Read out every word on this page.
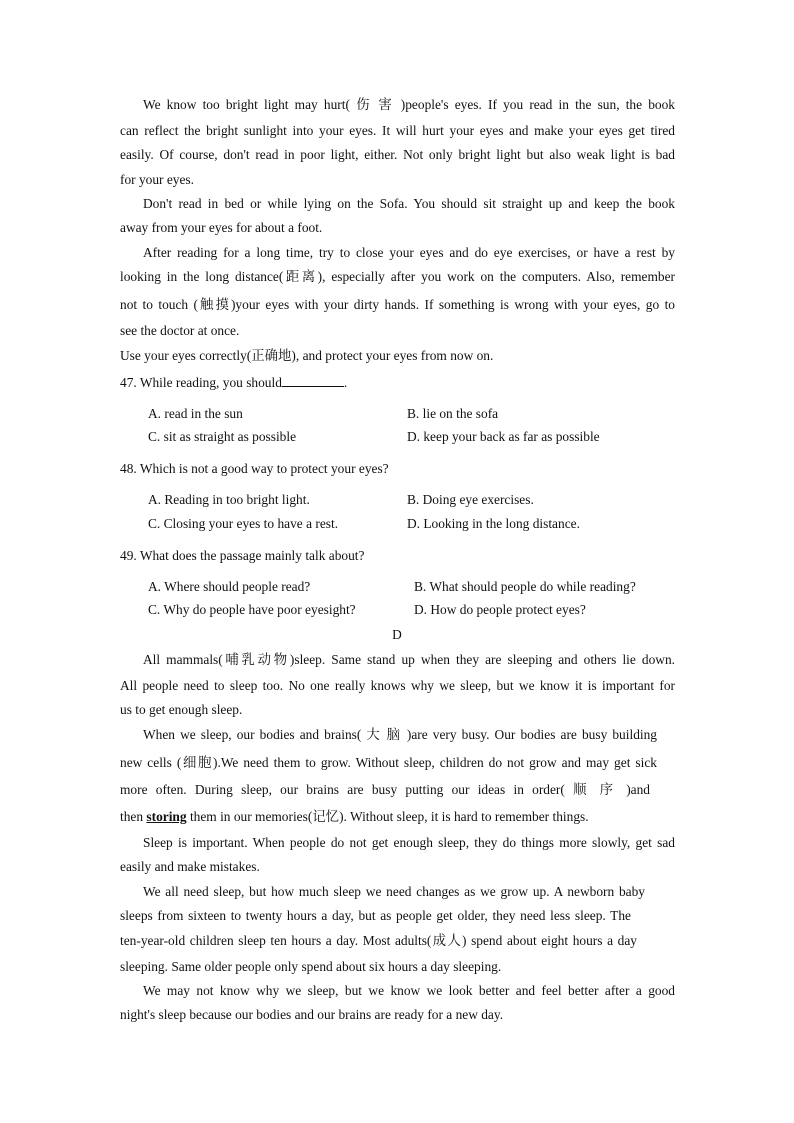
We know too bright light may hurt( 伤 害 )people's eyes. If you read in the sun, the book
can reflect the bright sunlight into your eyes. It will hurt your eyes and make your eyes get tired
easily. Of course, don't read in poor light, either. Not only bright light but also weak light is bad
for your eyes.
Don't read in bed or while lying on the Sofa. You should sit straight up and keep the book
away from your eyes for about a foot.
After reading for a long time, try to close your eyes and do eye exercises, or have a rest by
looking in the long distance(距离), especially after you work on the computers. Also, remember
not to touch (触摸)your eyes with your dirty hands. If something is wrong with your eyes, go to
see the doctor at once.
Use your eyes correctly(正确地), and protect your eyes from now on.
47. While reading, you should	.
A. read in the sun	B. lie on the sofa
C. sit as straight as possible	D. keep your back as far as possible
48. Which is not a good way to protect your eyes?
A. Reading in too bright light.	B. Doing eye exercises.
C. Closing your eyes to have a rest.	D. Looking in the long distance.
49. What does the passage mainly talk about?
A. Where should people read?	B. What should people do while reading?
C. Why do people have poor eyesight?	D. How do people protect eyes?
D
All mammals(哺乳动物)sleep. Same stand up when they are sleeping and others lie down.
All people need to sleep too. No one really knows why we sleep, but we know it is important for
us to get enough sleep.
When we sleep, our bodies and brains( 大 脑 )are very busy. Our bodies are busy building
new cells (细胞).We need them to grow. Without sleep, children do not grow and may get sick
more often. During sleep, our brains are busy putting our ideas in order( 顺 序 )and
then storing them in our memories(记忆). Without sleep, it is hard to remember things.
Sleep is important. When people do not get enough sleep, they do things more slowly, get sad
easily and make mistakes.
We all need sleep, but how much sleep we need changes as we grow up. A newborn baby
sleeps from sixteen to twenty hours a day, but as people get older, they need less sleep. The
ten-year-old children sleep ten hours a day. Most adults(成人) spend about eight hours a day
sleeping. Same older people only spend about six hours a day sleeping.
We may not know why we sleep, but we know we look better and feel better after a good
night's sleep because our bodies and our brains are ready for a new day.
